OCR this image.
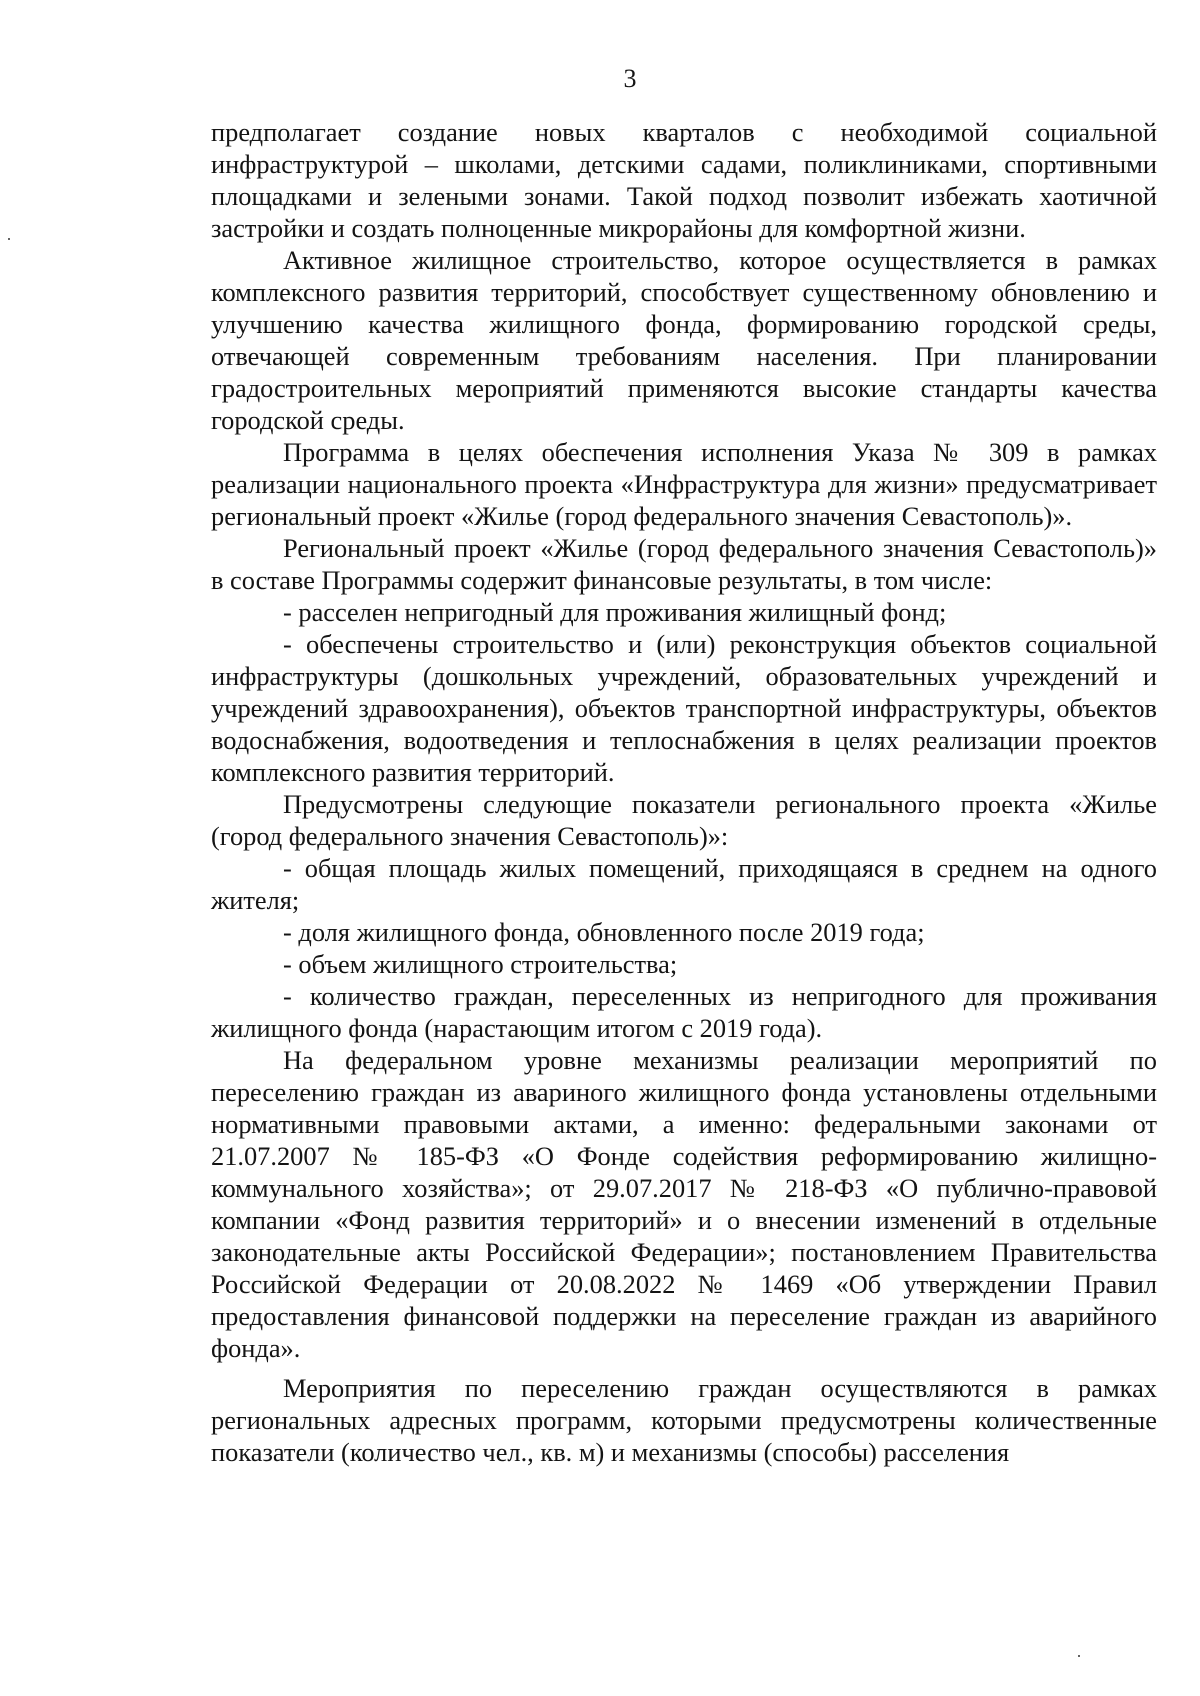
3

предполагает создание новых кварталов с необходимой социальной инфраструктурой – школами, детскими садами, поликлиниками, спортивными площадками и зелеными зонами. Такой подход позволит избежать хаотичной застройки и создать полноценные микрорайоны для комфортной жизни.

Активное жилищное строительство, которое осуществляется в рамках комплексного развития территорий, способствует существенному обновлению и улучшению качества жилищного фонда, формированию городской среды, отвечающей современным требованиям населения. При планировании градостроительных мероприятий применяются высокие стандарты качества городской среды.

Программа в целях обеспечения исполнения Указа № 309 в рамках реализации национального проекта «Инфраструктура для жизни» предусматривает региональный проект «Жилье (город федерального значения Севастополь)».

Региональный проект «Жилье (город федерального значения Севастополь)» в составе Программы содержит финансовые результаты, в том числе:

- расселен непригодный для проживания жилищный фонд;

- обеспечены строительство и (или) реконструкция объектов социальной инфраструктуры (дошкольных учреждений, образовательных учреждений и учреждений здравоохранения), объектов транспортной инфраструктуры, объектов водоснабжения, водоотведения и теплоснабжения в целях реализации проектов комплексного развития территорий.

Предусмотрены следующие показатели регионального проекта «Жилье (город федерального значения Севастополь)»:

- общая площадь жилых помещений, приходящаяся в среднем на одного жителя;

- доля жилищного фонда, обновленного после 2019 года;

- объем жилищного строительства;

- количество граждан, переселенных из непригодного для проживания жилищного фонда (нарастающим итогом с 2019 года).

На федеральном уровне механизмы реализации мероприятий по переселению граждан из авариного жилищного фонда установлены отдельными нормативными правовыми актами, а именно: федеральными законами от 21.07.2007 № 185-ФЗ «О Фонде содействия реформированию жилищно-коммунального хозяйства»; от 29.07.2017 № 218-ФЗ «О публично-правовой компании «Фонд развития территорий» и о внесении изменений в отдельные законодательные акты Российской Федерации»; постановлением Правительства Российской Федерации от 20.08.2022 № 1469 «Об утверждении Правил предоставления финансовой поддержки на переселение граждан из аварийного фонда».

Мероприятия по переселению граждан осуществляются в рамках региональных адресных программ, которыми предусмотрены количественные показатели (количество чел., кв. м) и механизмы (способы) расселения
